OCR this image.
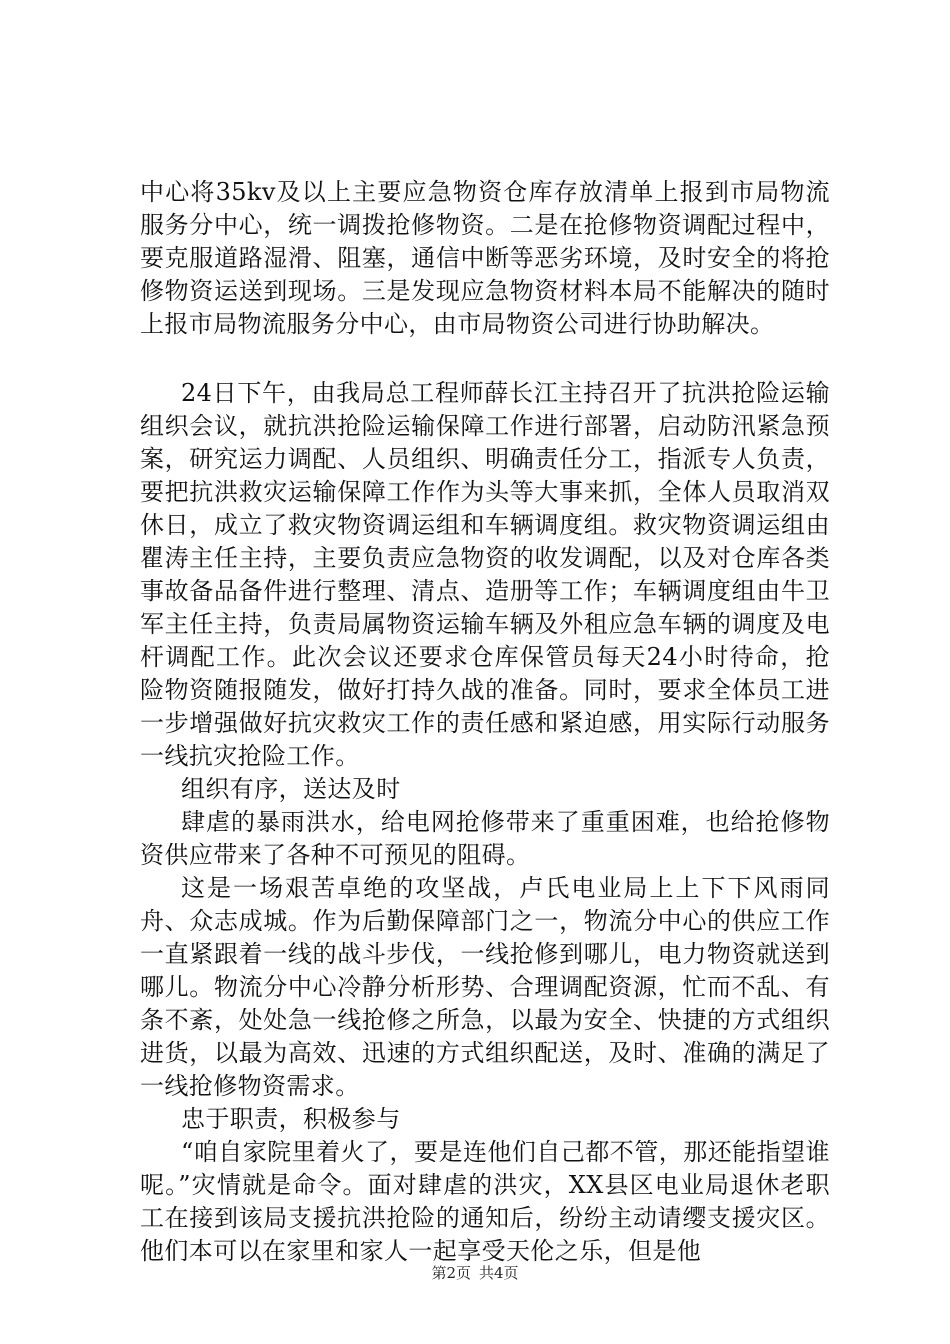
中心将35kv及以上主要应急物资仓库存放清单上报到市局物流服务分中心，统一调拨抢修物资。二是在抢修物资调配过程中，要克服道路湿滑、阻塞，通信中断等恶劣环境，及时安全的将抢修物资运送到现场。三是发现应急物资材料本局不能解决的随时上报市局物流服务分中心，由市局物资公司进行协助解决。

24日下午，由我局总工程师薛长江主持召开了抗洪抢险运输组织会议，就抗洪抢险运输保障工作进行部署，启动防汛紧急预案，研究运力调配、人员组织、明确责任分工，指派专人负责，要把抗洪救灾运输保障工作作为头等大事来抓，全体人员取消双休日，成立了救灾物资调运组和车辆调度组。救灾物资调运组由瞿涛主任主持，主要负责应急物资的收发调配，以及对仓库各类事故备品备件进行整理、清点、造册等工作；车辆调度组由牛卫军主任主持，负责局属物资运输车辆及外租应急车辆的调度及电杆调配工作。此次会议还要求仓库保管员每天24小时待命，抢险物资随报随发，做好打持久战的准备。同时，要求全体员工进一步增强做好抗灾救灾工作的责任感和紧迫感，用实际行动服务一线抗灾抢险工作。

组织有序，送达及时

肆虐的暴雨洪水，给电网抢修带来了重重困难，也给抢修物资供应带来了各种不可预见的阻碍。

这是一场艰苦卓绝的攻坚战，卢氏电业局上上下下风雨同舟、众志成城。作为后勤保障部门之一，物流分中心的供应工作一直紧跟着一线的战斗步伐，一线抢修到哪儿，电力物资就送到哪儿。物流分中心冷静分析形势、合理调配资源，忙而不乱、有条不紊，处处急一线抢修之所急，以最为安全、快捷的方式组织进货，以最为高效、迅速的方式组织配送，及时、准确的满足了一线抢修物资需求。

忠于职责，积极参与

“咱自家院里着火了，要是连他们自己都不管，那还能指望谁呢。”灾情就是命令。面对肆虐的洪灾，XX县区电业局退休老职工在接到该局支援抗洪抢险的通知后，纷纷主动请缨支援灾区。他们本可以在家里和家人一起享受天伦之乐，但是他

第2页 共4页
